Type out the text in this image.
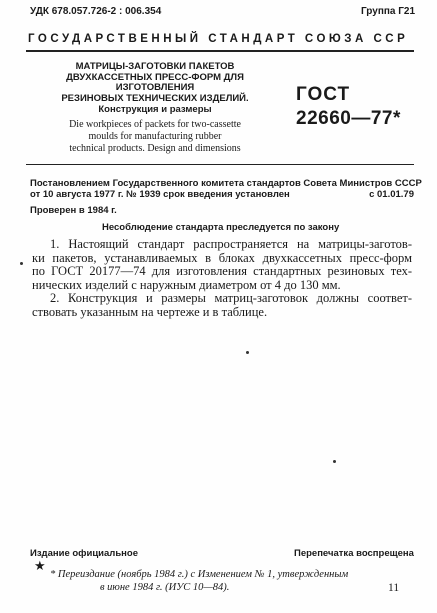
УДК 678.057.726-2 : 006.354	Группа Г21
ГОСУДАРСТВЕННЫЙ СТАНДАРТ СОЮЗА ССР
МАТРИЦЫ-ЗАГОТОВКИ ПАКЕТОВ
ДВУХКАССЕТНЫХ ПРЕСС-ФОРМ ДЛЯ ИЗГОТОВЛЕНИЯ
РЕЗИНОВЫХ ТЕХНИЧЕСКИХ ИЗДЕЛИЙ.
Конструкция и размеры
Die workpieces of packets for two-cassette
moulds for manufacturing rubber
technical products. Design and dimensions
ГОСТ
22660—77*
Постановлением Государственного комитета стандартов Совета Министров СССР
от 10 августа 1977 г. № 1939 срок введения установлен	с 01.01.79
Проверен в 1984 г.
Несоблюдение стандарта преследуется по закону
1. Настоящий стандарт распространяется на матрицы-заготов-
ки пакетов, устанавливаемых в блоках двухкассетных пресс-форм
по ГОСТ 20177—74 для изготовления стандартных резиновых тех-
нических изделий с наружным диаметром от 4 до 130 мм.
2. Конструкция и размеры матриц-заготовок должны соответ-
ствовать указанным на чертеже и в таблице.
Издание официальное	Перепечатка воспрещена
★
* Переиздание (ноябрь 1984 г.) с Изменением № 1, утвержденным
в июне 1984 г. (ИУС 10—84).	11
